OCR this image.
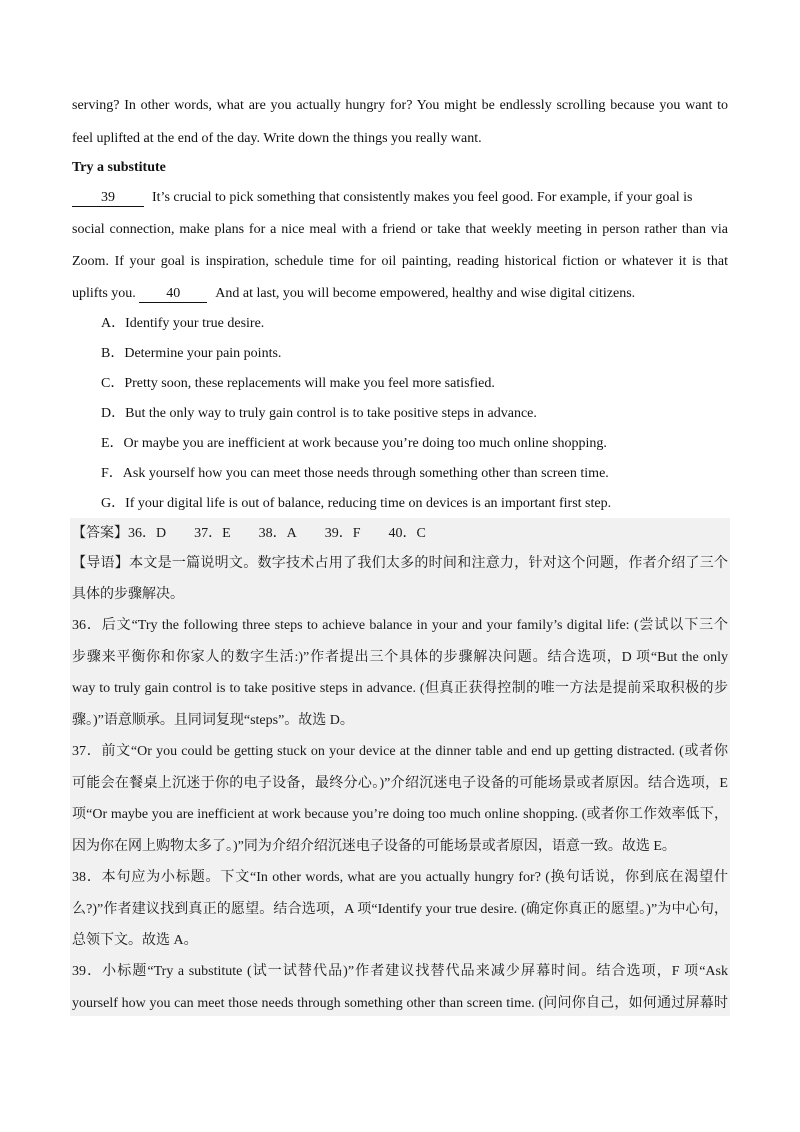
serving? In other words, what are you actually hungry for? You might be endlessly scrolling because you want to
feel uplifted at the end of the day. Write down the things you really want.
Try a substitute
39	It’s crucial to pick something that consistently makes you feel good. For example, if your goal is
social connection, make plans for a nice meal with a friend or take that weekly meeting in person rather than via
Zoom. If your goal is inspiration, schedule time for oil painting, reading historical fiction or whatever it is that
uplifts you. 40	And at last, you will become empowered, healthy and wise digital citizens.
A．Identify your true desire.
B．Determine your pain points.
C．Pretty soon, these replacements will make you feel more satisfied.
D．But the only way to truly gain control is to take positive steps in advance.
E．Or maybe you are inefficient at work because you’re doing too much online shopping.
F．Ask yourself how you can meet those needs through something other than screen time.
G．If your digital life is out of balance, reducing time on devices is an important first step.
【答案】36．D  37．E  38．A  39．F  40．C
【导语】本文是一篇说明文。数字技术占用了我们太多的时间和注意力，针对这个问题，作者介绍了三个
具体的步骤解决。
36．后文“Try the following three steps to achieve balance in your and your family’s digital life: (尝试以下三个
步骤来平衡你和你家人的数字生活:)”作者提出三个具体的步骤解决问题。结合选项，D 项“But the only
way to truly gain control is to take positive steps in advance. (但真正获得控制的唯一方法是提前采取积极的步
骤。)”语意顺承。且同词复现“steps”。故选 D。
37．前文“Or you could be getting stuck on your device at the dinner table and end up getting distracted. (或者你
可能会在餐桌上沉迷于你的电子设备，最终分心。)”介绍沉迷电子设备的可能场景或者原因。结合选项，E
项“Or maybe you are inefficient at work because you’re doing too much online shopping. (或者你工作效率低下，
因为你在网上购物太多了。)”同为介绍介绍沉迷电子设备的可能场景或者原因，语意一致。故选 E。
38．本句应为小标题。下文“In other words, what are you actually hungry for? (换句话说，你到底在渴望什
么?)”作者建议找到真正的愿望。结合选项，A 项“Identify your true desire. (确定你真正的愿望。)”为中心句，
总领下文。故选 A。
39．小标题“Try a substitute (试一试替代品)”作者建议找替代品来减少屏幕时间。结合选项，F 项“Ask
yourself how you can meet those needs through something other than screen time. (问问你自己，如何通过屏幕时
